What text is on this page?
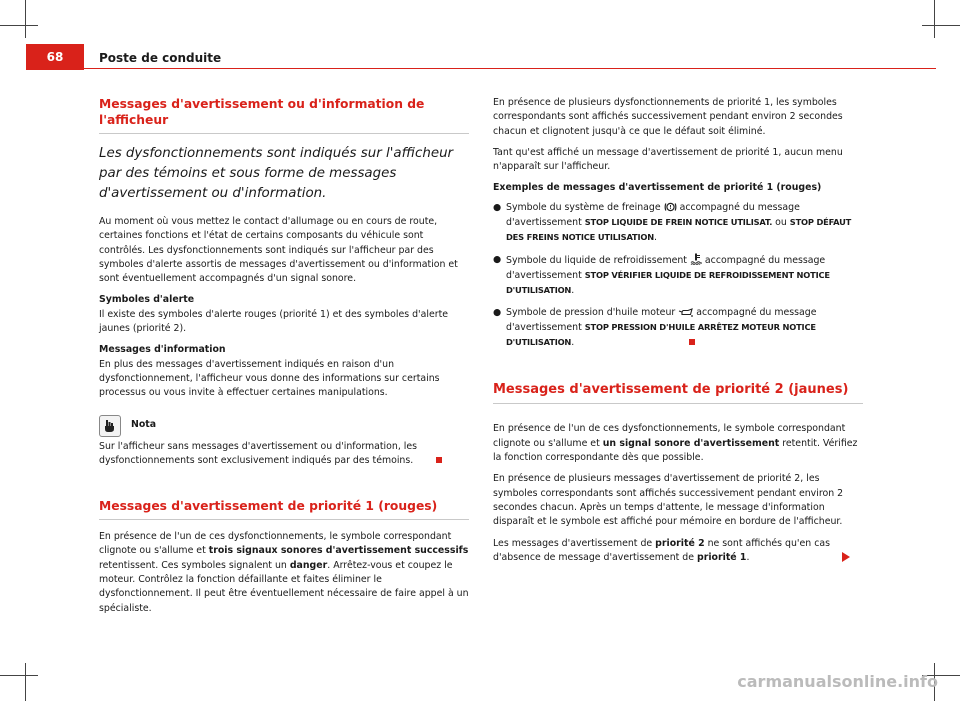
68	Poste de conduite
Messages d'avertissement ou d'information de l'afficheur
Les dysfonctionnements sont indiqués sur l'afficheur par des témoins et sous forme de messages d'avertissement ou d'information.

Au moment où vous mettez le contact d'allumage ou en cours de route, certaines fonctions et l'état de certains composants du véhicule sont contrôlés. Les dysfonctionnements sont indiqués sur l'afficheur par des symboles d'alerte assortis de messages d'avertissement ou d'information et sont éventuellement accompagnés d'un signal sonore.

Symboles d'alerte

Il existe des symboles d'alerte rouges (priorité 1) et des symboles d'alerte jaunes (priorité 2).

Messages d'information

En plus des messages d'avertissement indiqués en raison d'un dysfonctionnement, l'afficheur vous donne des informations sur certains processus ou vous invite à effectuer certaines manipulations.

Nota

Sur l'afficheur sans messages d'avertissement ou d'information, les dysfonctionnements sont exclusivement indiqués par des témoins.

Messages d'avertissement de priorité 1 (rouges)

En présence de l'un de ces dysfonctionnements, le symbole correspondant clignote ou s'allume et trois signaux sonores d'avertissement successifs retentissent. Ces symboles signalent un danger. Arrêtez-vous et coupez le moteur. Contrôlez la fonction défaillante et faites éliminer le dysfonctionnement. Il peut être éventuellement nécessaire de faire appel à un spécialiste.

En présence de plusieurs dysfonctionnements de priorité 1, les symboles correspondants sont affichés successivement pendant environ 2 secondes chacun et clignotent jusqu'à ce que le défaut soit éliminé.

Tant qu'est affiché un message d'avertissement de priorité 1, aucun menu n'apparaît sur l'afficheur.

Exemples de messages d'avertissement de priorité 1 (rouges)

● Symbole du système de freinage ! accompagné du message d'avertissement STOP LIQUIDE DE FREIN NOTICE UTILISAT. ou STOP DÉFAUT DES FREINS NOTICE UTILISATION.
● Symbole du liquide de refroidissement  accompagné du message d'avertissement STOP VÉRIFIER LIQUIDE DE REFROIDISSEMENT NOTICE D'UTILISATION.
● Symbole de pression d'huile moteur  accompagné du message d'avertissement STOP PRESSION D'HUILE ARRÊTEZ MOTEUR NOTICE D'UTILISATION.
Messages d'avertissement de priorité 2 (jaunes)

En présence de l'un de ces dysfonctionnements, le symbole correspondant clignote ou s'allume et un signal sonore d'avertissement retentit. Vérifiez la fonction correspondante dès que possible.

En présence de plusieurs messages d'avertissement de priorité 2, les symboles correspondants sont affichés successivement pendant environ 2 secondes chacun. Après un temps d'attente, le message d'information disparaît et le symbole est affiché pour mémoire en bordure de l'afficheur.

Les messages d'avertissement de priorité 2 ne sont affichés qu'en cas d'absence de message d'avertissement de priorité 1.

carmanualsonline.info
